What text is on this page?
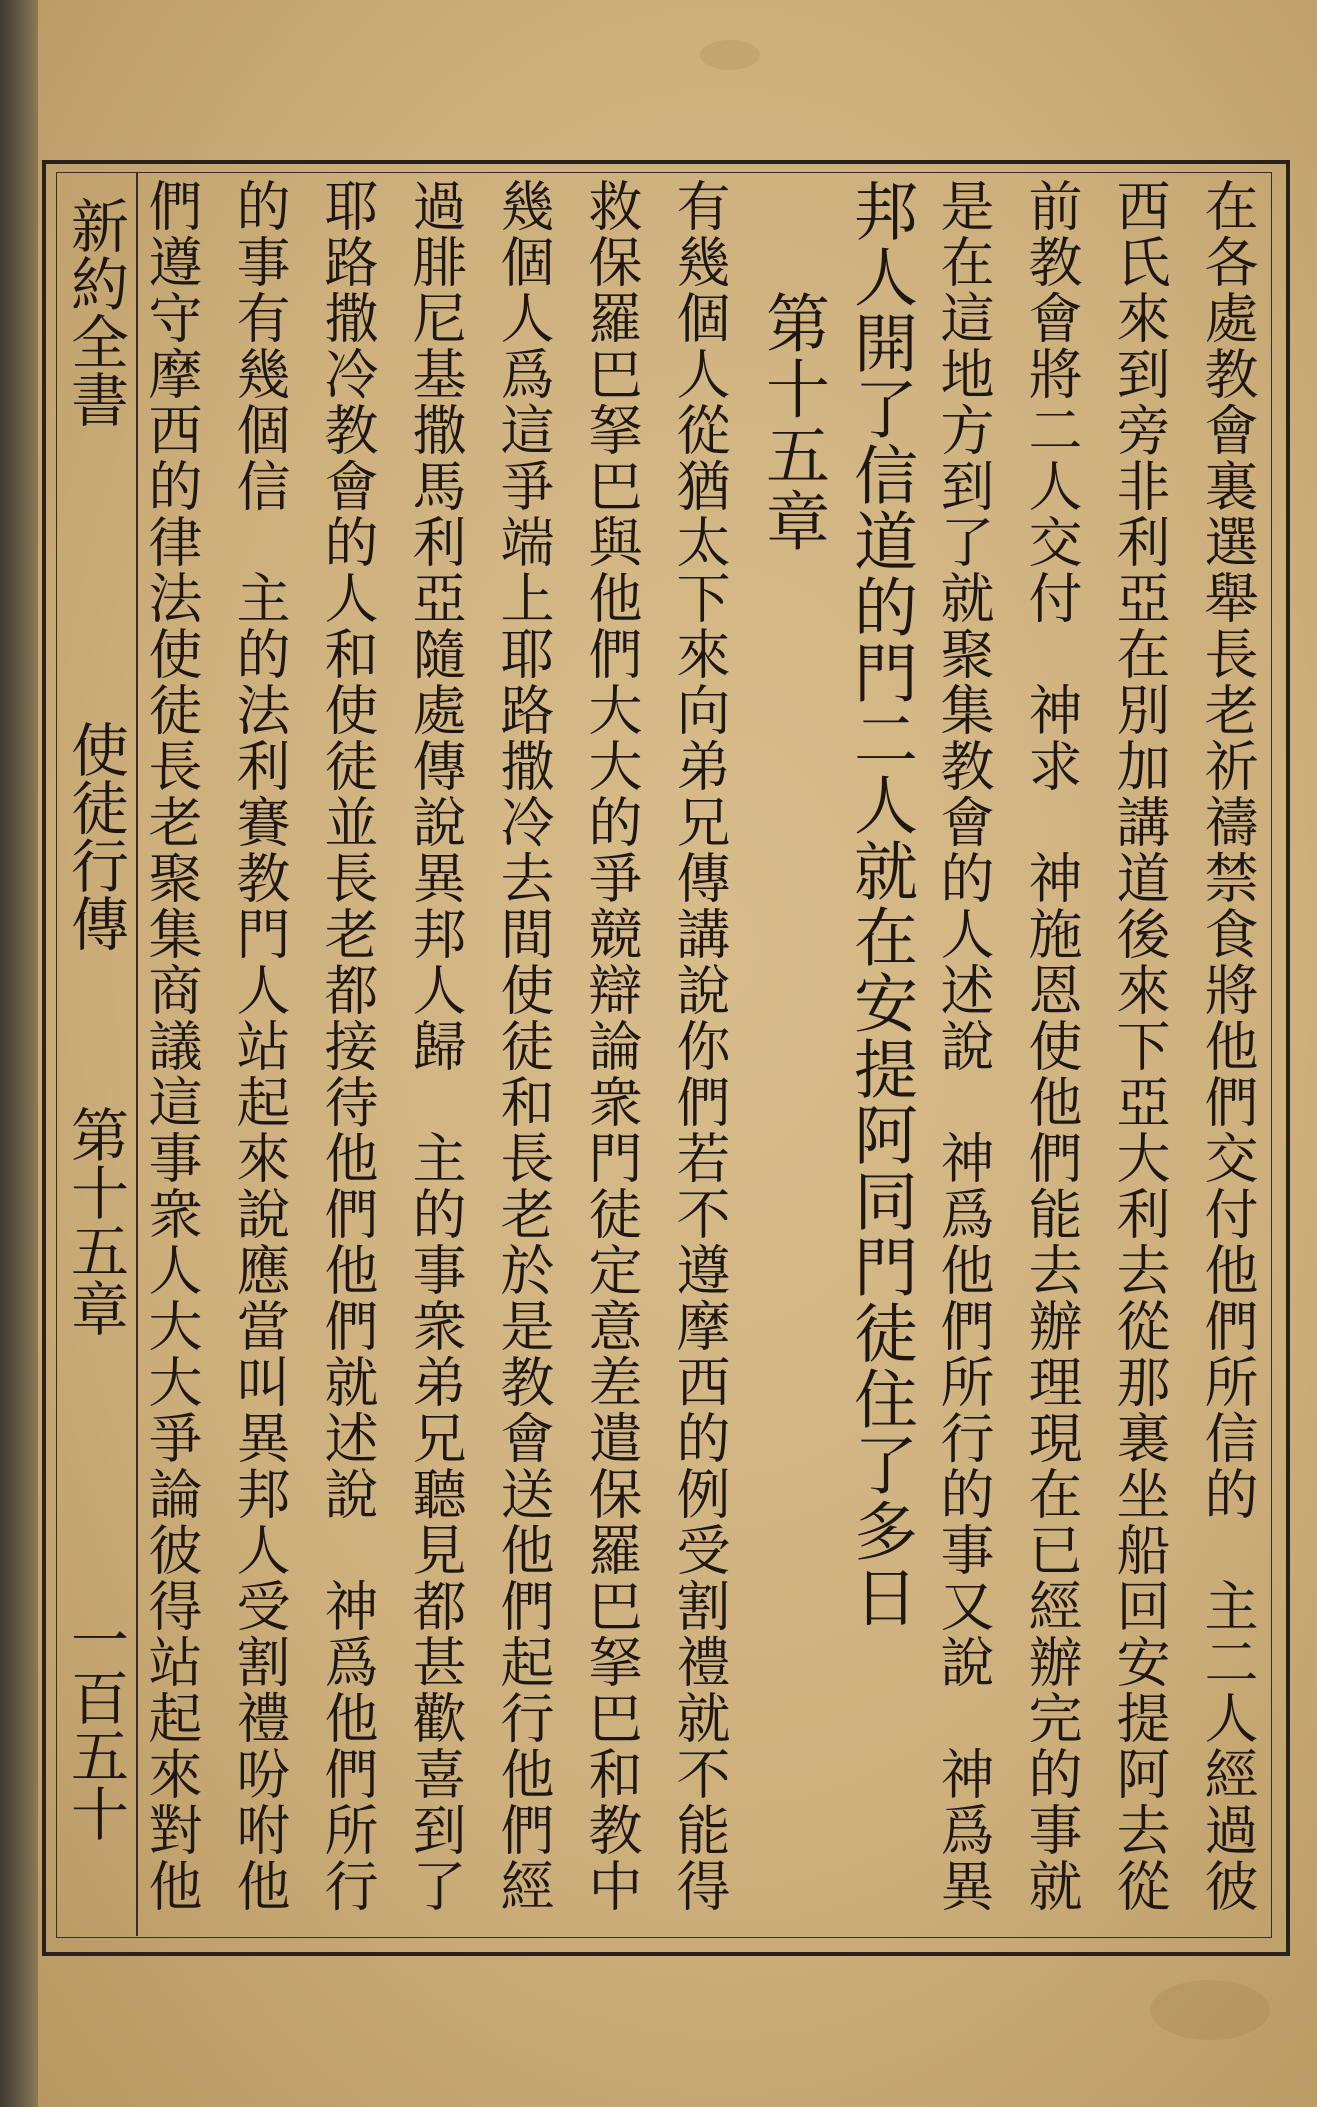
新約全書
使徒行傳
第十五章
一百五十	在各處教會裏選舉長老祈禱禁食將他們交付他們所信的　主二人經過彼
西氏來到旁非利亞在別加講道後來下亞大利去從那裏坐船回安提阿去從
前教會將二人交付　神求　神施恩使他們能去辦理現在已經辦完的事就
是在這地方到了就聚集教會的人述說　神爲他們所行的事又說　神爲異
邦人開了信道的門二人就在安提阿同門徒住了多日
第十五章
有幾個人從猶太下來向弟兄傳講說你們若不遵摩西的例受割禮就不能得
救保羅巴拏巴與他們大大的爭競辯論衆門徒定意差遣保羅巴拏巴和教中
幾個人爲這爭端上耶路撒冷去間使徒和長老於是教會送他們起行他們經
過腓尼基撒馬利亞隨處傳說異邦人歸　主的事衆弟兄聽見都甚歡喜到了
耶路撒冷教會的人和使徒並長老都接待他們他們就述說　神爲他們所行
的事有幾個信　主的法利賽教門人站起來說應當叫異邦人受割禮吩咐他
們遵守摩西的律法使徒長老聚集商議這事衆人大大爭論彼得站起來對他
